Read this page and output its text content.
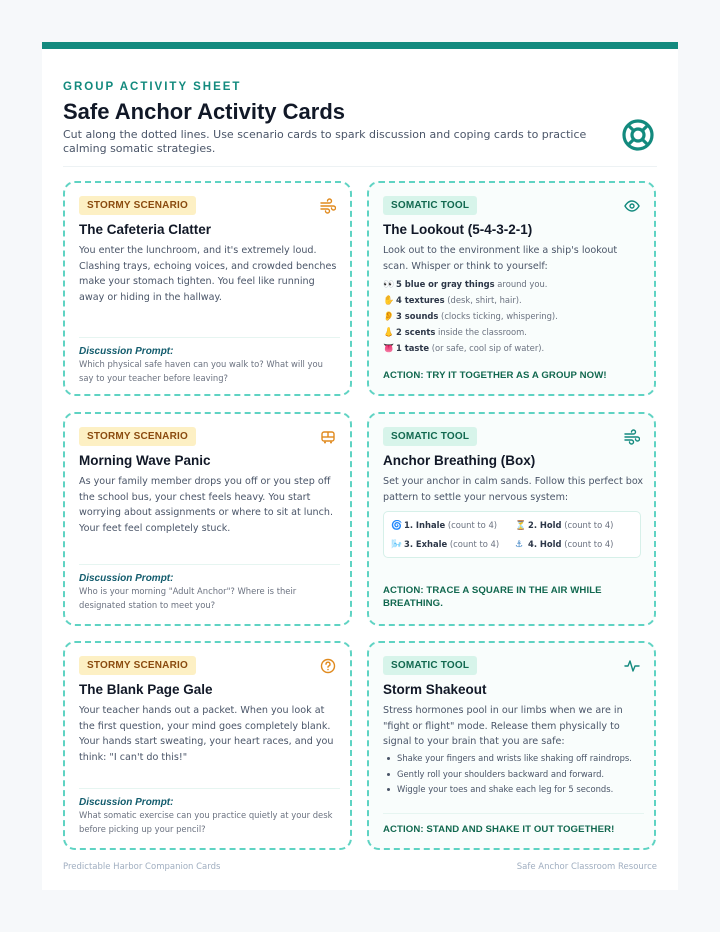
GROUP ACTIVITY SHEET
Safe Anchor Activity Cards

Cut along the dotted lines. Use scenario cards to spark discussion and coping cards to practice calming somatic strategies.

STORMY SCENARIO
The Cafeteria Clatter

You enter the lunchroom, and it's extremely loud. Clashing trays, echoing voices, and crowded benches make your stomach tighten. You feel like running away or hiding in the hallway.

Discussion Prompt:
Which physical safe haven can you walk to? What will you say to your teacher before leaving?
SOMATIC TOOL
The Lookout (5-4-3-2-1)

Look out to the environment like a ship's lookout scan. Whisper or think to yourself:

👀 5 blue or gray things around you.
✋ 4 textures (desk, shirt, hair).
👂 3 sounds (clocks ticking, whispering).
👃 2 scents inside the classroom.
👅 1 taste (or safe, cool sip of water).
ACTION: TRY IT TOGETHER AS A GROUP NOW!
STORMY SCENARIO
Morning Wave Panic

As your family member drops you off or you step off the school bus, your chest feels heavy. You start worrying about assignments or where to sit at lunch. Your feet feel completely stuck.

Discussion Prompt:
Who is your morning "Adult Anchor"? Where is their designated station to meet you?
SOMATIC TOOL
Anchor Breathing (Box)

Set your anchor in calm sands. Follow this perfect box pattern to settle your nervous system:

🌀 1. Inhale (count to 4) ⏳ 2. Hold (count to 4)
🌬️ 3. Exhale (count to 4) ⚓ 4. Hold (count to 4)
ACTION: TRACE A SQUARE IN THE AIR WHILE BREATHING.
STORMY SCENARIO
The Blank Page Gale

Your teacher hands out a packet. When you look at the first question, your mind goes completely blank. Your hands start sweating, your heart races, and you think: "I can't do this!"

Discussion Prompt:
What somatic exercise can you practice quietly at your desk before picking up your pencil?
SOMATIC TOOL
Storm Shakeout

Stress hormones pool in our limbs when we are in "fight or flight" mode. Release them physically to signal to your brain that you are safe:

Shake your fingers and wrists like shaking off raindrops.
Gently roll your shoulders backward and forward.
Wiggle your toes and shake each leg for 5 seconds.
ACTION: STAND AND SHAKE IT OUT TOGETHER!
Predictable Harbor Companion Cards	Safe Anchor Classroom Resource
